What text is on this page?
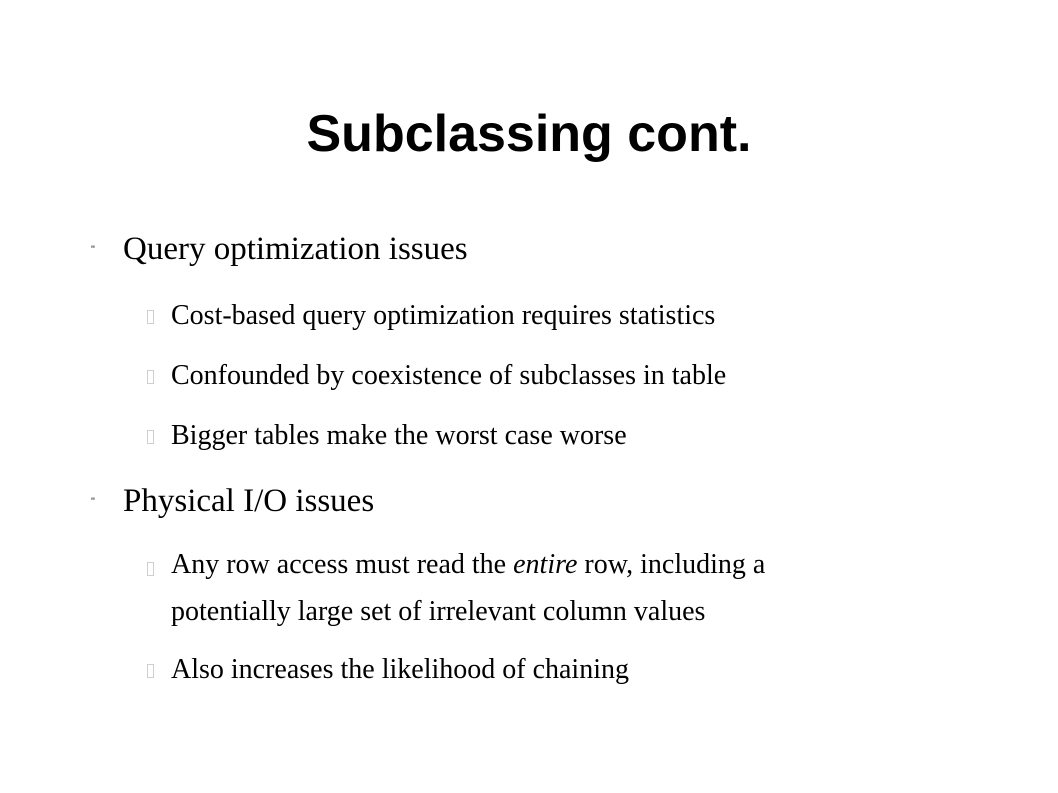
Subclassing cont.
" Query optimization issues
Cost-based query optimization requires statistics
Confounded by coexistence of subclasses in table
Bigger tables make the worst case worse
" Physical I/O issues
Any row access must read the entire row, including a
potentially large set of irrelevant column values
Also increases the likelihood of chaining
